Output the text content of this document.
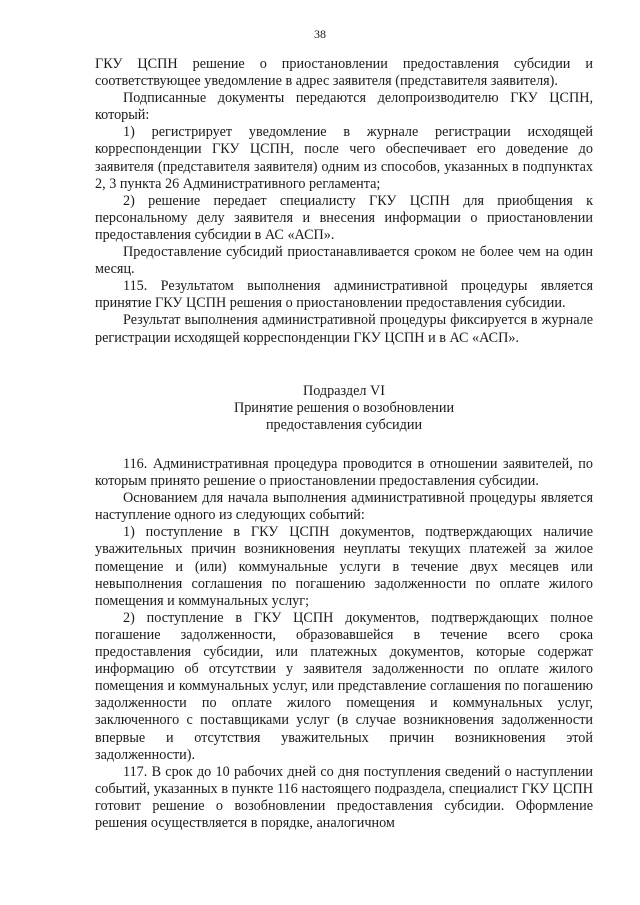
38
ГКУ ЦСПН решение о приостановлении предоставления субсидии и соответствующее уведомление в адрес заявителя (представителя заявителя).
Подписанные документы передаются делопроизводителю ГКУ ЦСПН, который:
1) регистрирует уведомление в журнале регистрации исходящей корреспонденции ГКУ ЦСПН, после чего обеспечивает его доведение до заявителя (представителя заявителя) одним из способов, указанных в подпунктах 2, 3 пункта 26 Административного регламента;
2) решение передает специалисту ГКУ ЦСПН для приобщения к персональному делу заявителя и внесения информации о приостановлении предоставления субсидии в АС «АСП».
Предоставление субсидий приостанавливается сроком не более чем на один месяц.
115. Результатом выполнения административной процедуры является принятие ГКУ ЦСПН решения о приостановлении предоставления субсидии.
Результат выполнения административной процедуры фиксируется в журнале регистрации исходящей корреспонденции ГКУ ЦСПН и в АС «АСП».
Подраздел VI
Принятие решения о возобновлении
предоставления субсидии
116. Административная процедура проводится в отношении заявителей, по которым принято решение о приостановлении предоставления субсидии.
Основанием для начала выполнения административной процедуры является наступление одного из следующих событий:
1) поступление в ГКУ ЦСПН документов, подтверждающих наличие уважительных причин возникновения неуплаты текущих платежей за жилое помещение и (или) коммунальные услуги в течение двух месяцев или невыполнения соглашения по погашению задолженности по оплате жилого помещения и коммунальных услуг;
2) поступление в ГКУ ЦСПН документов, подтверждающих полное погашение задолженности, образовавшейся в течение всего срока предоставления субсидии, или платежных документов, которые содержат информацию об отсутствии у заявителя задолженности по оплате жилого помещения и коммунальных услуг, или представление соглашения по погашению задолженности по оплате жилого помещения и коммунальных услуг, заключенного с поставщиками услуг (в случае возникновения задолженности впервые и отсутствия уважительных причин возникновения этой задолженности).
117. В срок до 10 рабочих дней со дня поступления сведений о наступлении событий, указанных в пункте 116 настоящего подраздела, специалист ГКУ ЦСПН готовит решение о возобновлении предоставления субсидии. Оформление решения осуществляется в порядке, аналогичном
